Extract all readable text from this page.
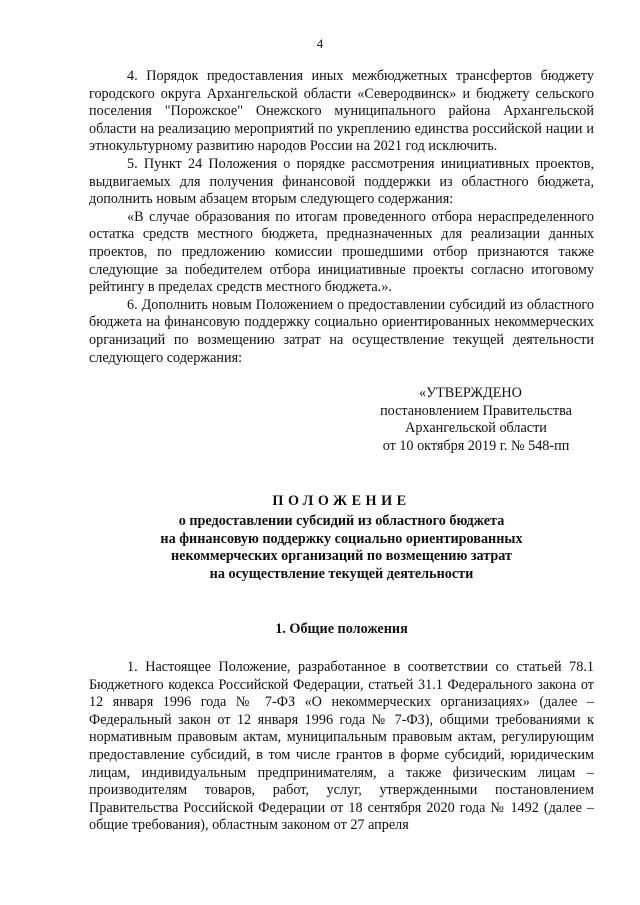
4

4. Порядок предоставления иных межбюджетных трансфертов бюджету городского округа Архангельской области «Северодвинск» и бюджету сельского поселения "Порожское" Онежского муниципального района Архангельской области на реализацию мероприятий по укреплению единства российской нации и этнокультурному развитию народов России на 2021 год исключить.

5. Пункт 24 Положения о порядке рассмотрения инициативных проектов, выдвигаемых для получения финансовой поддержки из областного бюджета, дополнить новым абзацем вторым следующего содержания:

«В случае образования по итогам проведенного отбора нераспределенного остатка средств местного бюджета, предназначенных для реализации данных проектов, по предложению комиссии прошедшими отбор признаются также следующие за победителем отбора инициативные проекты согласно итоговому рейтингу в пределах средств местного бюджета.».

6. Дополнить новым Положением о предоставлении субсидий из областного бюджета на финансовую поддержку социально ориентированных некоммерческих организаций по возмещению затрат на осуществление текущей деятельности следующего содержания:

«УТВЕРЖДЕНО
постановлением Правительства
Архангельской области
от 10 октября 2019 г. № 548-пп
ПОЛОЖЕНИЕ
о предоставлении субсидий из областного бюджета
на финансовую поддержку социально ориентированных
некоммерческих организаций по возмещению затрат
на осуществление текущей деятельности
1. Общие положения

1. Настоящее Положение, разработанное в соответствии со статьей 78.1 Бюджетного кодекса Российской Федерации, статьей 31.1 Федерального закона от 12 января 1996 года № 7-ФЗ «О некоммерческих организациях» (далее – Федеральный закон от 12 января 1996 года № 7-ФЗ), общими требованиями к нормативным правовым актам, муниципальным правовым актам, регулирующим предоставление субсидий, в том числе грантов в форме субсидий, юридическим лицам, индивидуальным предпринимателям, а также физическим лицам – производителям товаров, работ, услуг, утвержденными постановлением Правительства Российской Федерации от 18 сентября 2020 года № 1492 (далее – общие требования), областным законом от 27 апреля
